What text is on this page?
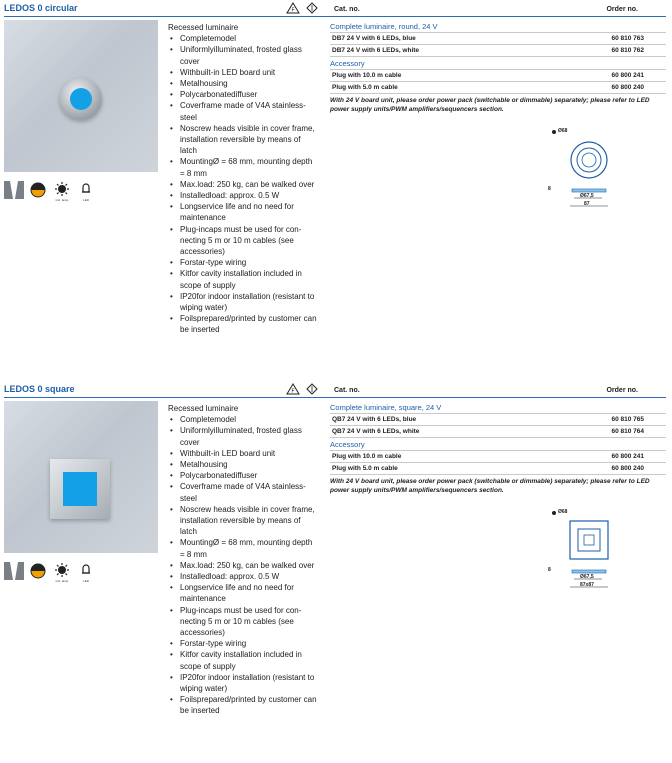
LEDOS 0 circular	F	Cat. no.	Order no.
incl. lamp	LED
Recessed luminaire
• Completemodel
• Uniformlyilluminated, frosted glass cover
• Withbuilt-in LED board unit
• Metalhousing
• Polycarbonatediffuser
• Coverframe made of V4A stainless-steel
• Noscrew heads visible in cover frame, installation reversible by means of latch
• MountingØ = 68 mm, mounting depth = 8 mm
• Max.load: 250 kg, can be walked over
• Installedload: approx. 0.5 W
• Longservice life and no need for maintenance
• Plug-incaps must be used for con-necting 5 m or 10 m cables (see accessories)
• Forstar-type wiring
• Kitfor cavity installation included in scope of supply
• IP20for indoor installation (resistant to wiping water)
• Foilsprepared/printed by customer can be inserted
Complete luminaire, round, 24 V
DB7 24 V with 6 LEDs, blue	60 810 763
DB7 24 V with 6 LEDs, white	60 810 762
Accessory
Plug with 10.0 m cable	60 800 241
Plug with 5.0 m cable	60 800 240
With 24 V board unit, please order power pack (switchable or dimmable) separately; please refer to LED power supply units/PWM amplifiers/sequencers section.
Ø68
8
Ø67,5
87
LEDOS 0 square	F	Cat. no.	Order no.
incl. lamp	LED
Recessed luminaire
• Completemodel
• Uniformlyilluminated, frosted glass cover
• Withbuilt-in LED board unit
• Metalhousing
• Polycarbonatediffuser
• Coverframe made of V4A stainless-steel
• Noscrew heads visible in cover frame, installation reversible by means of latch
• MountingØ = 68 mm, mounting depth = 8 mm
• Max.load: 250 kg, can be walked over
• Installedload: approx. 0.5 W
• Longservice life and no need for maintenance
• Plug-incaps must be used for con-necting 5 m or 10 m cables (see accessories)
• Forstar-type wiring
• Kitfor cavity installation included in scope of supply
• IP20for indoor installation (resistant to wiping water)
• Foilsprepared/printed by customer can be inserted
Complete luminaire, square, 24 V
QB7 24 V with 6 LEDs, blue	60 810 765
QB7 24 V with 6 LEDs, white	60 810 764
Accessory
Plug with 10.0 m cable	60 800 241
Plug with 5.0 m cable	60 800 240
With 24 V board unit, please order power pack (switchable or dimmable) separately; please refer to LED power supply units/PWM amplifiers/sequencers section.
Ø68
8
Ø67,5
87x87
